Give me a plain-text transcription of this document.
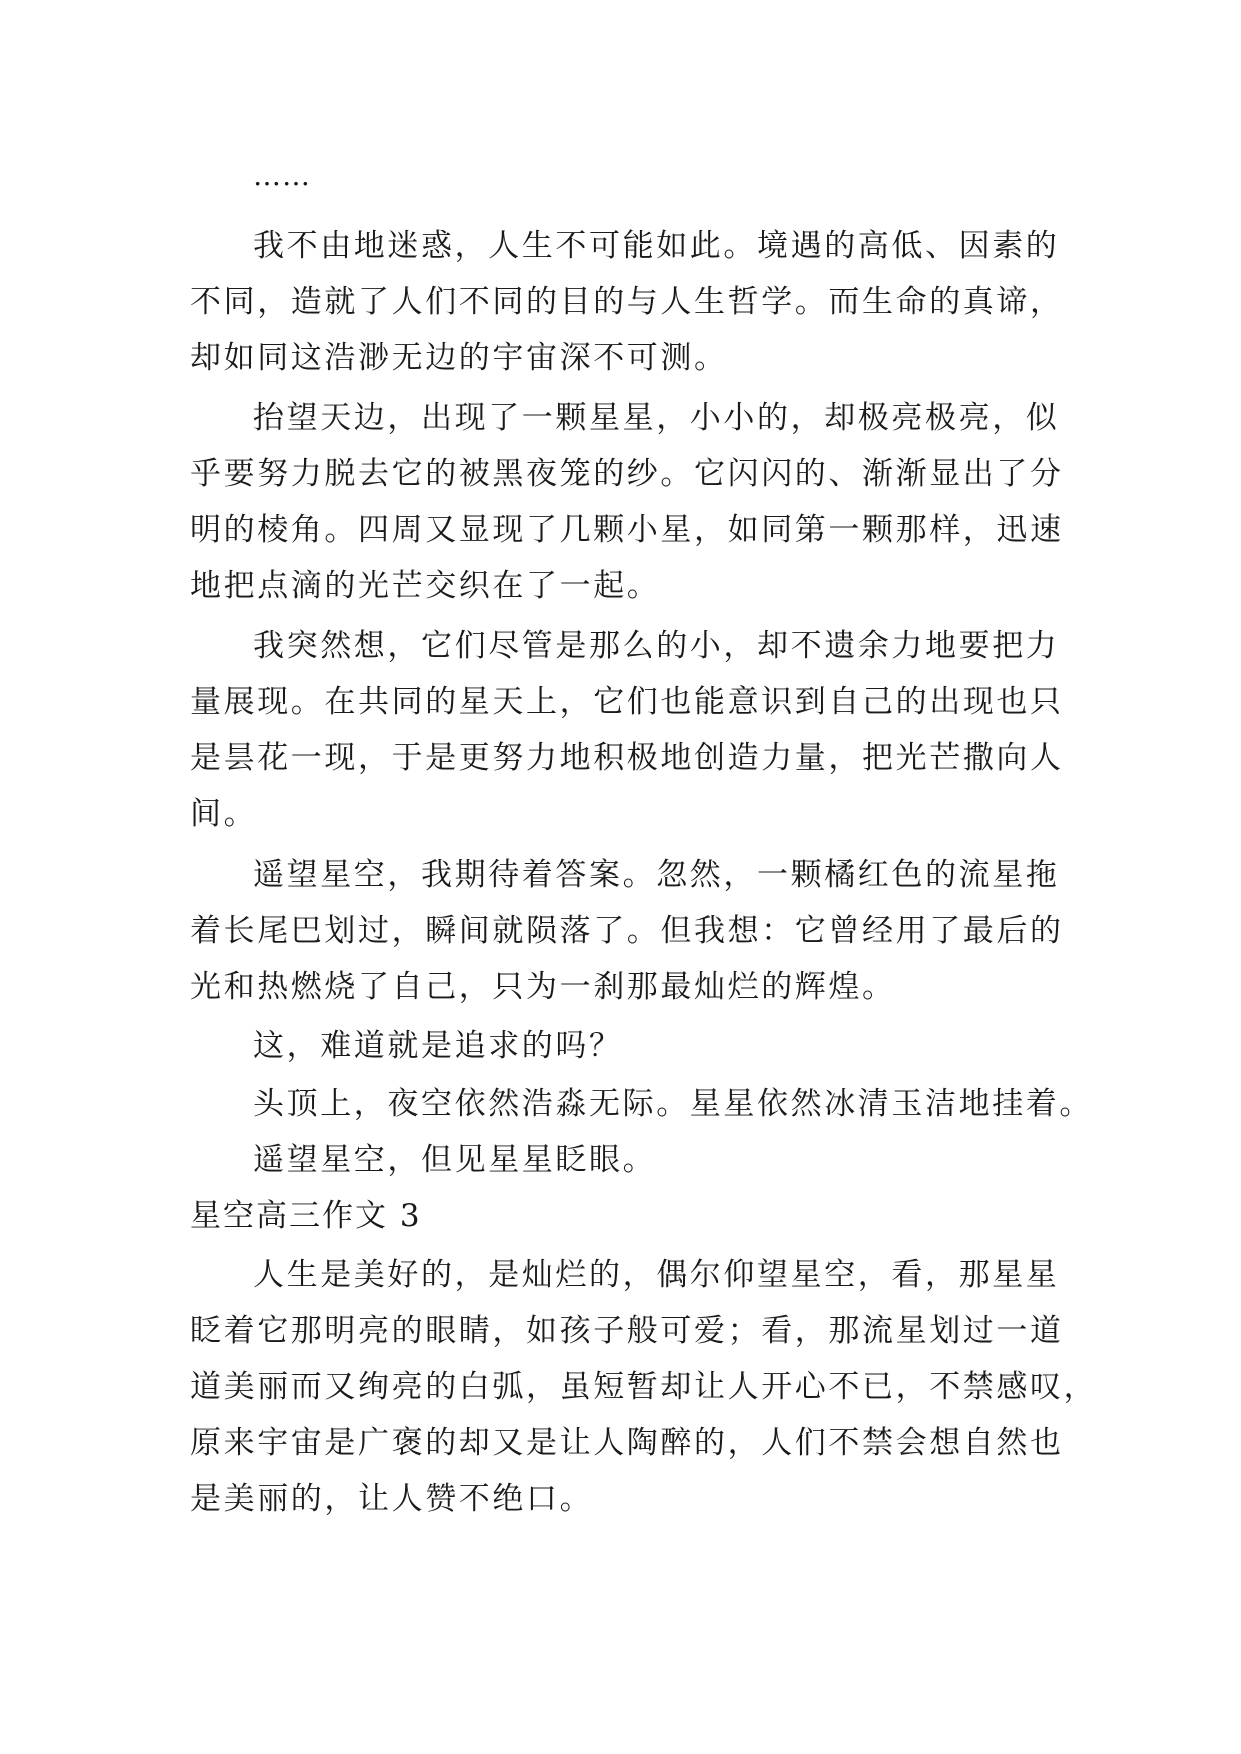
……
我不由地迷惑，人生不可能如此。境遇的高低、因素的
不同，造就了人们不同的目的与人生哲学。而生命的真谛，
却如同这浩渺无边的宇宙深不可测。
抬望天边，出现了一颗星星，小小的，却极亮极亮，似
乎要努力脱去它的被黑夜笼的纱。它闪闪的、渐渐显出了分
明的棱角。四周又显现了几颗小星，如同第一颗那样，迅速
地把点滴的光芒交织在了一起。
我突然想，它们尽管是那么的小，却不遗余力地要把力
量展现。在共同的星天上，它们也能意识到自己的出现也只
是昙花一现，于是更努力地积极地创造力量，把光芒撒向人
间。
遥望星空，我期待着答案。忽然，一颗橘红色的流星拖
着长尾巴划过，瞬间就陨落了。但我想：它曾经用了最后的
光和热燃烧了自己，只为一刹那最灿烂的辉煌。
这，难道就是追求的吗？
头顶上，夜空依然浩淼无际。星星依然冰清玉洁地挂着。
遥望星空，但见星星眨眼。
星空高三作文 3
人生是美好的，是灿烂的，偶尔仰望星空，看，那星星
眨着它那明亮的眼睛，如孩子般可爱；看，那流星划过一道
道美丽而又绚亮的白弧，虽短暂却让人开心不已，不禁感叹，
原来宇宙是广褒的却又是让人陶醉的，人们不禁会想自然也
是美丽的，让人赞不绝口。
